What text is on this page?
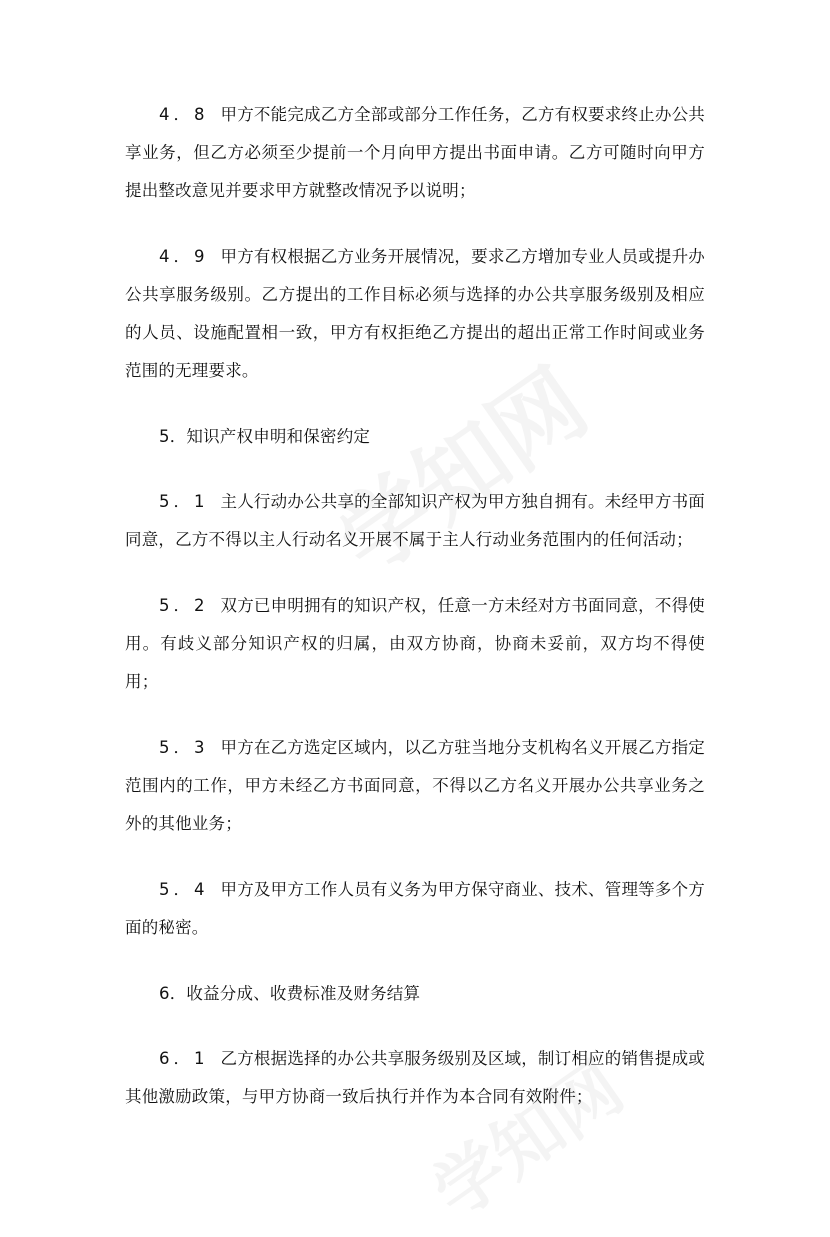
4．8 甲方不能完成乙方全部或部分工作任务，乙方有权要求终止办公共享业务，但乙方必须至少提前一个月向甲方提出书面申请。乙方可随时向甲方提出整改意见并要求甲方就整改情况予以说明；

4．9 甲方有权根据乙方业务开展情况，要求乙方增加专业人员或提升办公共享服务级别。乙方提出的工作目标必须与选择的办公共享服务级别及相应的人员、设施配置相一致，甲方有权拒绝乙方提出的超出正常工作时间或业务范围的无理要求。

5．知识产权申明和保密约定

5．1 主人行动办公共享的全部知识产权为甲方独自拥有。未经甲方书面同意，乙方不得以主人行动名义开展不属于主人行动业务范围内的任何活动；

5．2 双方已申明拥有的知识产权，任意一方未经对方书面同意，不得使用。有歧义部分知识产权的归属，由双方协商，协商未妥前，双方均不得使用；

5．3 甲方在乙方选定区域内，以乙方驻当地分支机构名义开展乙方指定范围内的工作，甲方未经乙方书面同意，不得以乙方名义开展办公共享业务之外的其他业务；

5．4 甲方及甲方工作人员有义务为甲方保守商业、技术、管理等多个方面的秘密。

6．收益分成、收费标准及财务结算

6．1 乙方根据选择的办公共享服务级别及区域，制订相应的销售提成或其他激励政策，与甲方协商一致后执行并作为本合同有效附件；
